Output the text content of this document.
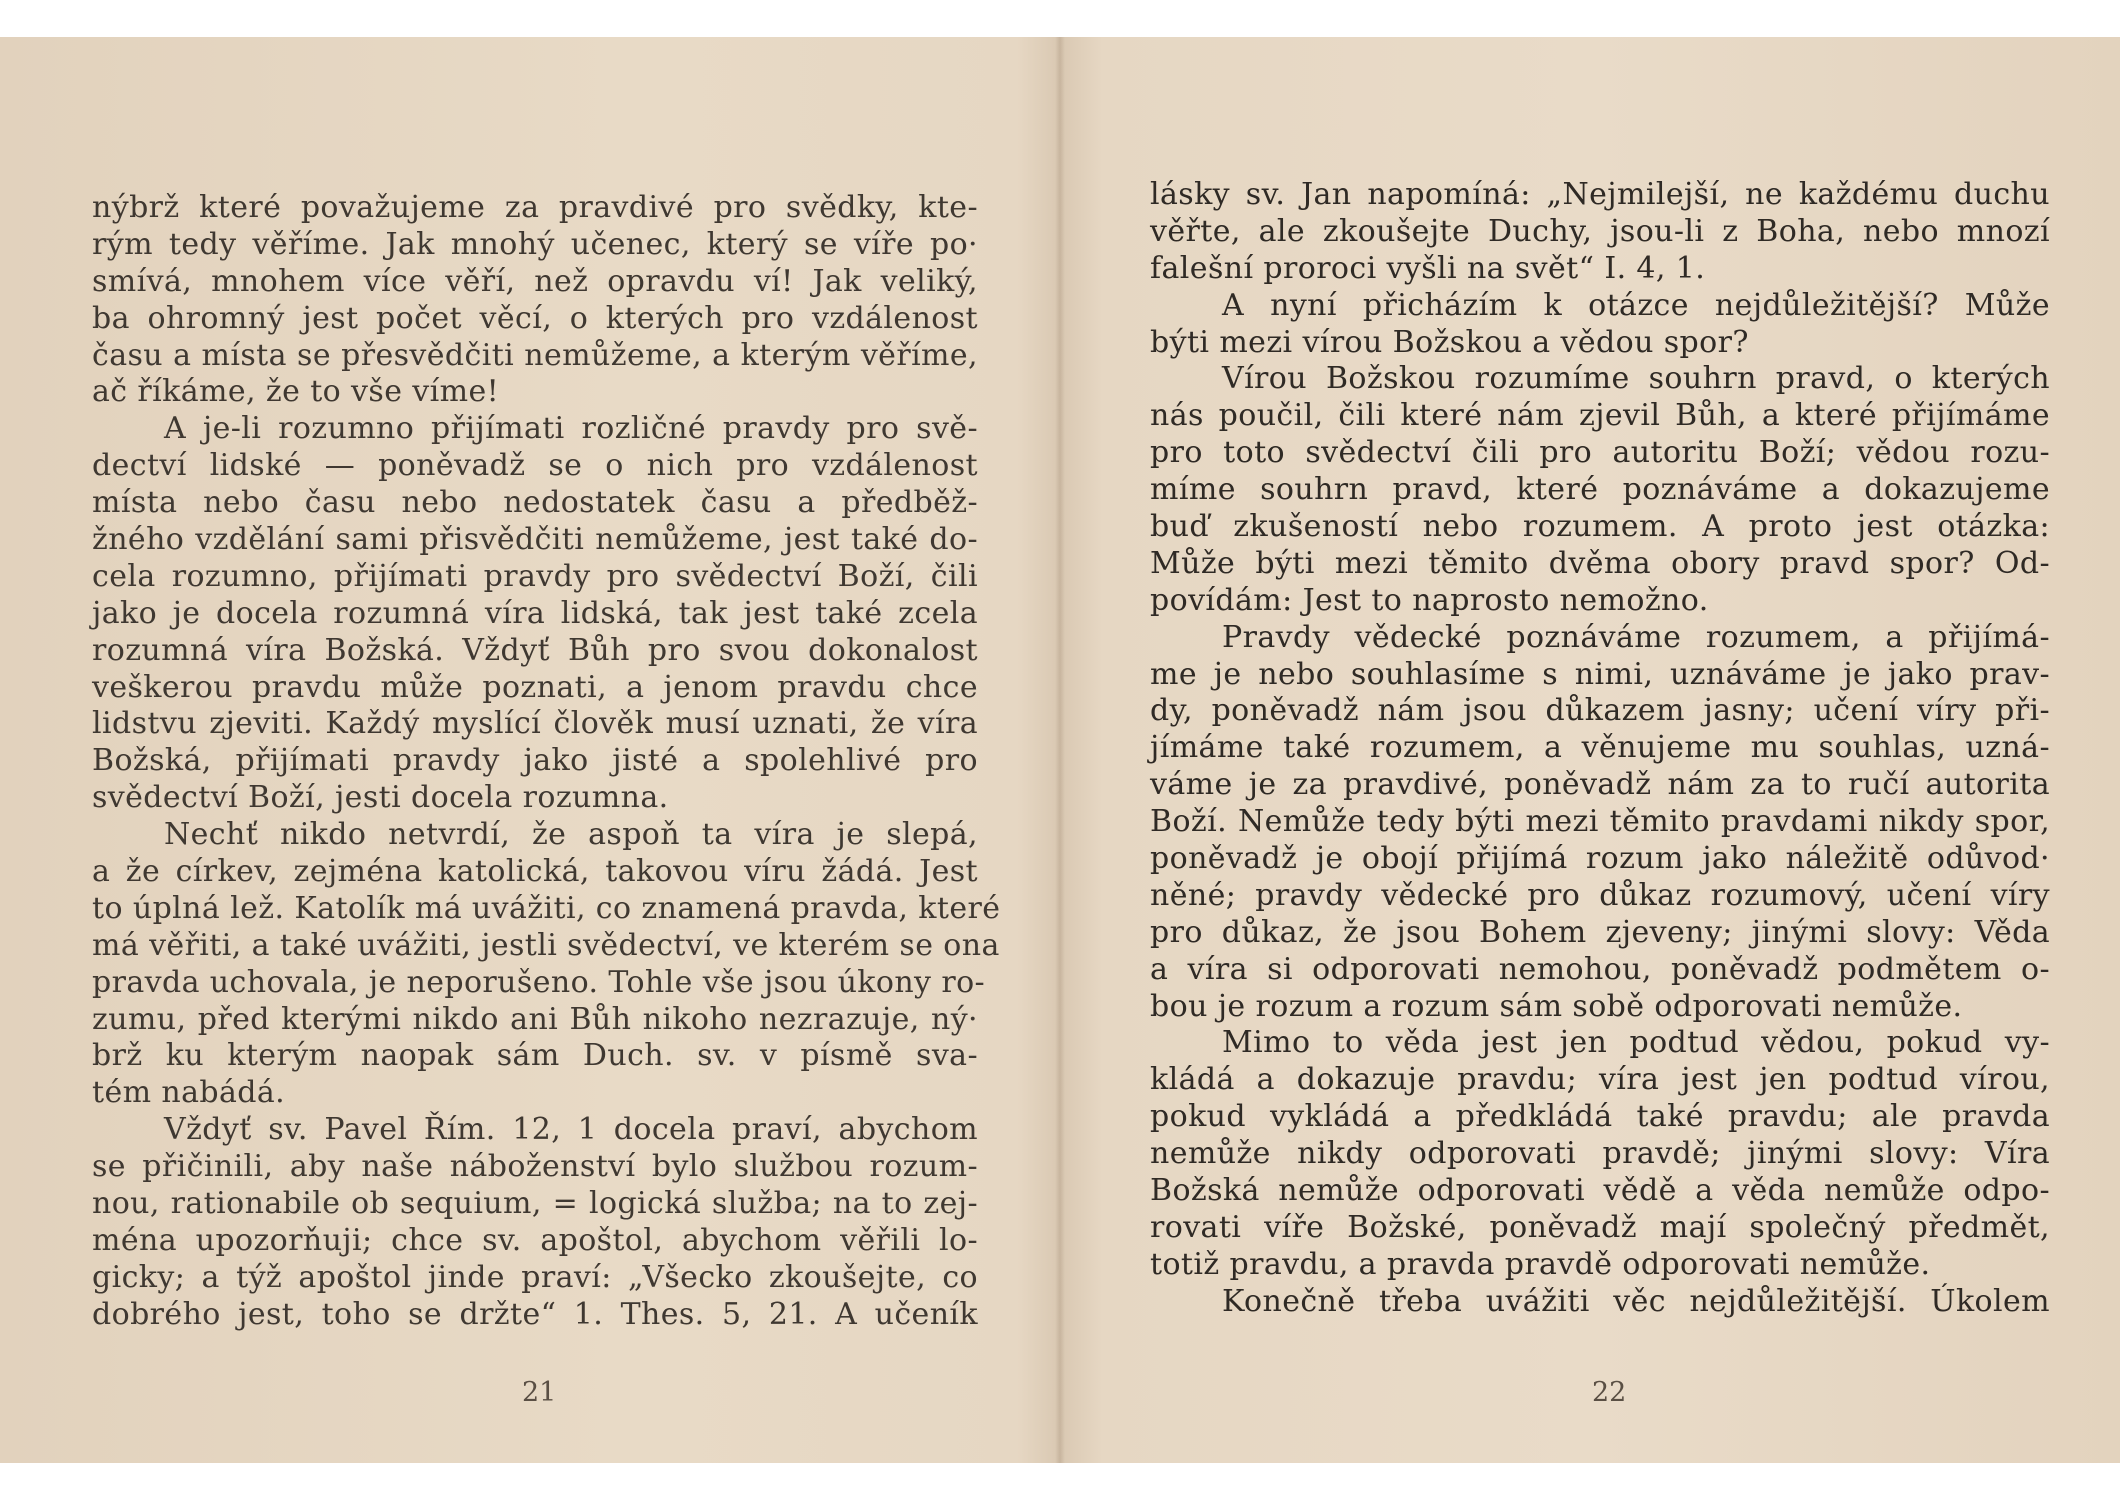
nýbrž které považujeme za pravdivé pro svědky, kte-
rým tedy věříme. Jak mnohý učenec, který se víře po·
smívá, mnohem více věří, než opravdu ví! Jak veliký,
ba ohromný jest počet věcí, o kterých pro vzdálenost
času a místa se přesvědčiti nemůžeme, a kterým věříme,
ač říkáme, že to vše víme!
A je-li rozumno přijímati rozličné pravdy pro svě-
dectví lidské — poněvadž se o nich pro vzdálenost
místa nebo času nebo nedostatek času a předběž-
žného vzdělání sami přisvědčiti nemůžeme, jest také do-
cela rozumno, přijímati pravdy pro svědectví Boží, čili
jako je docela rozumná víra lidská, tak jest také zcela
rozumná víra Božská. Vždyť Bůh pro svou dokonalost
veškerou pravdu může poznati, a jenom pravdu chce
lidstvu zjeviti. Každý myslící člověk musí uznati, že víra
Božská, přijímati pravdy jako jisté a spolehlivé pro
svědectví Boží, jesti docela rozumna.
Nechť nikdo netvrdí, že aspoň ta víra je slepá,
a že církev, zejména katolická, takovou víru žádá. Jest
to úplná lež. Katolík má uvážiti, co znamená pravda, které
má věřiti, a také uvážiti, jestli svědectví, ve kterém se ona
pravda uchovala, je neporušeno. Tohle vše jsou úkony ro-
zumu, před kterými nikdo ani Bůh nikoho nezrazuje, ný·
brž ku kterým naopak sám Duch. sv. v písmě sva-
tém nabádá.
Vždyť sv. Pavel Řím. 12, 1 docela praví, abychom
se přičinili, aby naše náboženství bylo službou rozum-
nou, rationabile ob sequium, = logická služba; na to zej-
ména upozorňuji; chce sv. apoštol, abychom věřili lo-
gicky; a týž apoštol jinde praví: „Všecko zkoušejte, co
dobrého jest, toho se držte“ 1. Thes. 5, 21. A učeník
21
lásky sv. Jan napomíná: „Nejmilejší, ne každému duchu
věřte, ale zkoušejte Duchy, jsou-li z Boha, nebo mnozí
falešní proroci vyšli na svět“ I. 4, 1.
A nyní přicházím k otázce nejdůležitější? Může
býti mezi vírou Božskou a vědou spor?
Vírou Božskou rozumíme souhrn pravd, o kterých
nás poučil, čili které nám zjevil Bůh, a které přijímáme
pro toto svědectví čili pro autoritu Boží; vědou rozu-
míme souhrn pravd, které poznáváme a dokazujeme
buď zkušeností nebo rozumem. A proto jest otázka:
Může býti mezi těmito dvěma obory pravd spor? Od-
povídám: Jest to naprosto nemožno.
Pravdy vědecké poznáváme rozumem, a přijímá-
me je nebo souhlasíme s nimi, uznáváme je jako prav-
dy, poněvadž nám jsou důkazem jasny; učení víry při-
jímáme také rozumem, a věnujeme mu souhlas, uzná-
váme je za pravdivé, poněvadž nám za to ručí autorita
Boží. Nemůže tedy býti mezi těmito pravdami nikdy spor,
poněvadž je obojí přijímá rozum jako náležitě odůvod·
něné; pravdy vědecké pro důkaz rozumový, učení víry
pro důkaz, že jsou Bohem zjeveny; jinými slovy: Věda
a víra si odporovati nemohou, poněvadž podmětem o-
bou je rozum a rozum sám sobě odporovati nemůže.
Mimo to věda jest jen podtud vědou, pokud vy-
kládá a dokazuje pravdu; víra jest jen podtud vírou,
pokud vykládá a předkládá také pravdu; ale pravda
nemůže nikdy odporovati pravdě; jinými slovy: Víra
Božská nemůže odporovati vědě a věda nemůže odpo-
rovati víře Božské, poněvadž mají společný předmět,
totiž pravdu, a pravda pravdě odporovati nemůže.
Konečně třeba uvážiti věc nejdůležitější. Úkolem
22
